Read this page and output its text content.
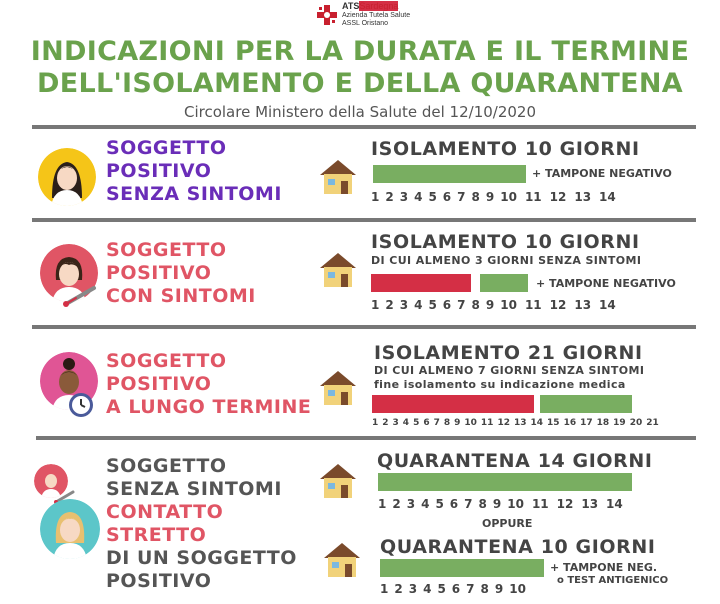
ATSSardegna
Azienda Tutela Salute
ASSL Oristano
INDICAZIONI PER LA DURATA E IL TERMINE
DELL'ISOLAMENTO E DELLA QUARANTENA
Circolare Ministero della Salute del 12/10/2020
SOGGETTO
POSITIVO
SENZA SINTOMI
ISOLAMENTO 10 GIORNI
+ TAMPONE NEGATIVO
1 2 3 4 5 6 7 8 9 10 11 12 13 14
SOGGETTO
POSITIVO
CON SINTOMI
ISOLAMENTO 10 GIORNI
DI CUI ALMENO 3 GIORNI SENZA SINTOMI
+ TAMPONE NEGATIVO
1 2 3 4 5 6 7 8 9 10 11 12 13 14
SOGGETTO
POSITIVO
A LUNGO TERMINE
ISOLAMENTO 21 GIORNI
DI CUI ALMENO 7 GIORNI SENZA SINTOMI
fine isolamento su indicazione medica
1 2 3 4 5 6 7 8 9 10 11 12 13 14 15 16 17 18 19 20 21
SOGGETTO
SENZA SINTOMI
CONTATTO
STRETTO
DI UN SOGGETTO
POSITIVO
QUARANTENA 14 GIORNI
1 2 3 4 5 6 7 8 9 10 11 12 13 14
OPPURE
QUARANTENA 10 GIORNI
+ TAMPONE NEG.
o TEST ANTIGENICO
1 2 3 4 5 6 7 8 9 10
